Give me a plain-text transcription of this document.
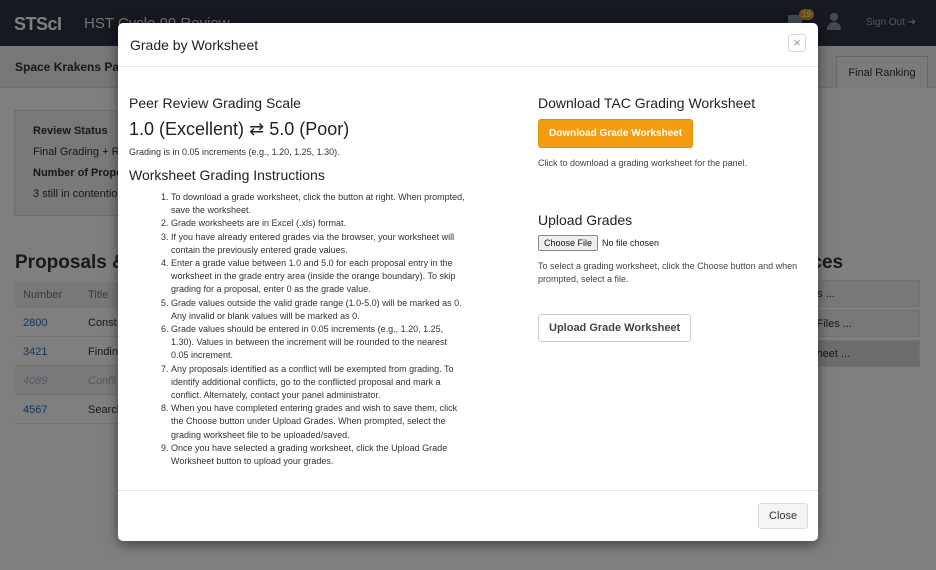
Grade by Worksheet	×
Peer Review Grading Scale
1.0 (Excellent) ⇄ 5.0 (Poor)
Grading is in 0.05 increments (e.g., 1.20, 1.25, 1.30).
Worksheet Grading Instructions
1. To download a grade worksheet, click the button at right. When prompted, save the worksheet.
2. Grade worksheets are in Excel (.xls) format.
3. If you have already entered grades via the browser, your worksheet will contain the previously entered grade values.
4. Enter a grade value between 1.0 and 5.0 for each proposal entry in the worksheet in the grade entry area (inside the orange boundary). To skip grading for a proposal, enter 0 as the grade value.
5. Grade values outside the valid grade range (1.0-5.0) will be marked as 0. Any invalid or blank values will be marked as 0.
6. Grade values should be entered in 0.05 increments (e.g., 1.20, 1.25, 1.30). Values in between the increment will be rounded to the nearest 0.05 increment.
7. Any proposals identified as a conflict will be exempted from grading. To identify additional conflicts, go to the conflicted proposal and mark a conflict. Alternately, contact your panel administrator.
8. When you have completed entering grades and wish to save them, click the Choose button under Upload Grades. When prompted, select the grading worksheet file to be uploaded/saved.
9. Once you have selected a grading worksheet, click the Upload Grade Worksheet button to upload your grades.
Download TAC Grading Worksheet
Download Grade Worksheet
Click to download a grading worksheet for the panel.
Upload Grades
Choose File	No file chosen
To select a grading worksheet, click the Choose button and when prompted, select a file.
Upload Grade Worksheet
Close
